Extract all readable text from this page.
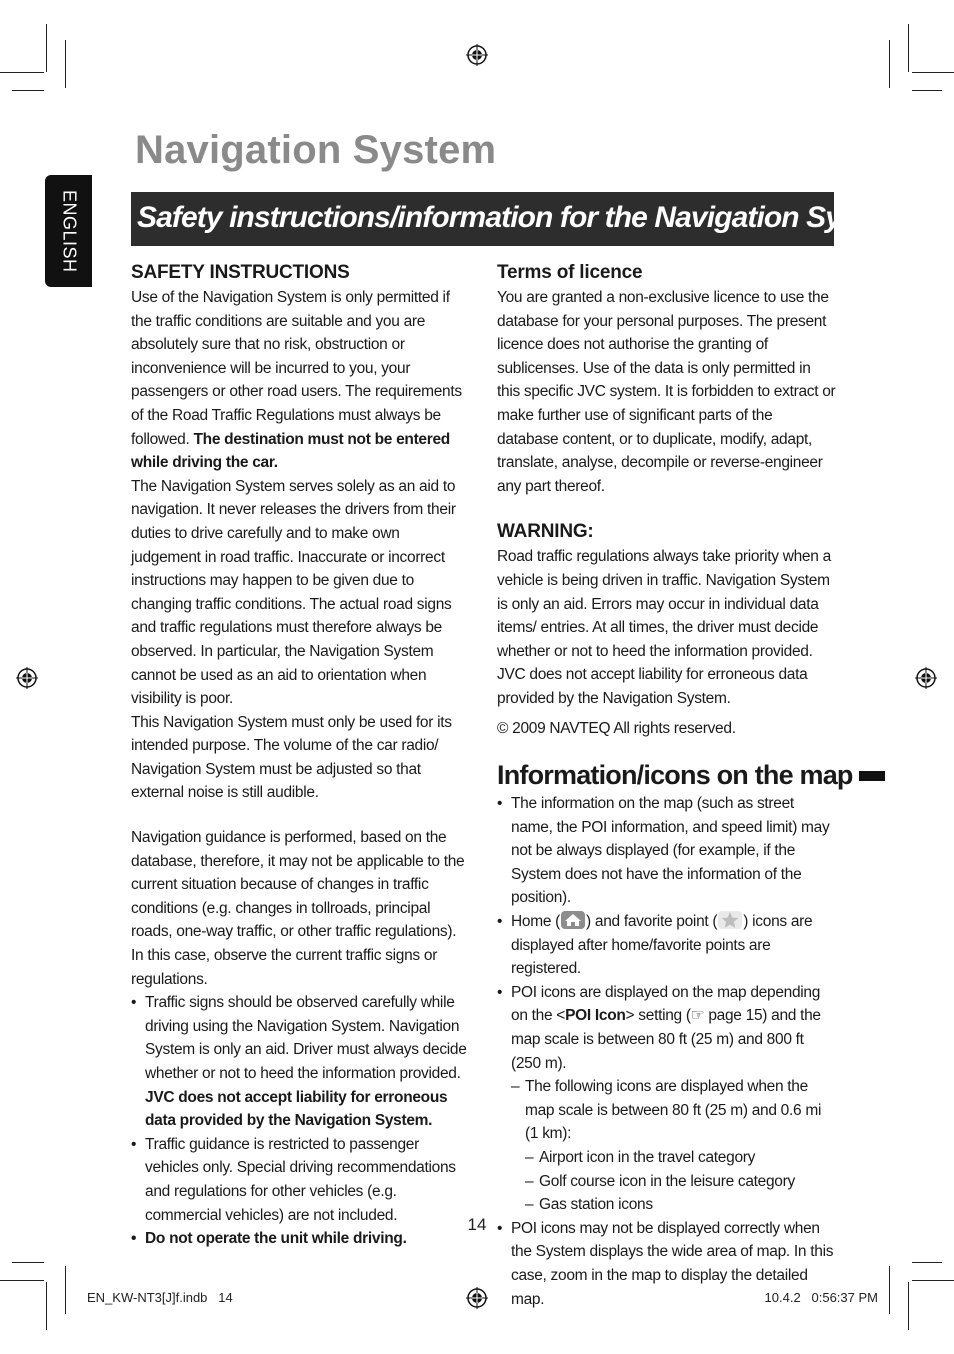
Navigation System
Safety instructions/information for the Navigation System
ENGLISH

SAFETY INSTRUCTIONS

Use of the Navigation System is only permitted if the traffic conditions are suitable and you are absolutely sure that no risk, obstruction or inconvenience will be incurred to you, your passengers or other road users. The requirements of the Road Traffic Regulations must always be followed. The destination must not be entered while driving the car.

The Navigation System serves solely as an aid to navigation. It never releases the drivers from their duties to drive carefully and to make own judgement in road traffic. Inaccurate or incorrect instructions may happen to be given due to changing traffic conditions. The actual road signs and traffic regulations must therefore always be observed. In particular, the Navigation System cannot be used as an aid to orientation when visibility is poor.

This Navigation System must only be used for its intended purpose. The volume of the car radio/ Navigation System must be adjusted so that external noise is still audible.

Navigation guidance is performed, based on the database, therefore, it may not be applicable to the current situation because of changes in traffic conditions (e.g. changes in tollroads, principal roads, one-way traffic, or other traffic regulations). In this case, observe the current traffic signs or regulations.

• Traffic signs should be observed carefully while driving using the Navigation System. Navigation System is only an aid. Driver must always decide whether or not to heed the information provided. JVC does not accept liability for erroneous data provided by the Navigation System.

• Traffic guidance is restricted to passenger vehicles only. Special driving recommendations and regulations for other vehicles (e.g. commercial vehicles) are not included.

• Do not operate the unit while driving.

Terms of licence

You are granted a non-exclusive licence to use the database for your personal purposes. The present licence does not authorise the granting of sublicenses. Use of the data is only permitted in this specific JVC system. It is forbidden to extract or make further use of significant parts of the database content, or to duplicate, modify, adapt, translate, analyse, decompile or reverse-engineer any part thereof.

WARNING:

Road traffic regulations always take priority when a vehicle is being driven in traffic. Navigation System is only an aid. Errors may occur in individual data items/ entries. At all times, the driver must decide whether or not to heed the information provided.

JVC does not accept liability for erroneous data provided by the Navigation System.

© 2009 NAVTEQ All rights reserved.

Information/icons on the map

• The information on the map (such as street name, the POI information, and speed limit) may not be always displayed (for example, if the System does not have the information of the position).

• Home ( ) and favorite point ( ) icons are displayed after home/favorite points are registered.

• POI icons are displayed on the map depending on the <POI Icon> setting (☞ page 15) and the map scale is between 80 ft (25 m) and 800 ft (250 m).

– The following icons are displayed when the map scale is between 80 ft (25 m) and 0.6 mi (1 km):

– Airport icon in the travel category

– Golf course icon in the leisure category

– Gas station icons

• POI icons may not be displayed correctly when the System displays the wide area of map. In this case, zoom in the map to display the detailed map.

14
EN_KW-NT3[J]f.indb   14	10.4.2   0:56:37 PM
